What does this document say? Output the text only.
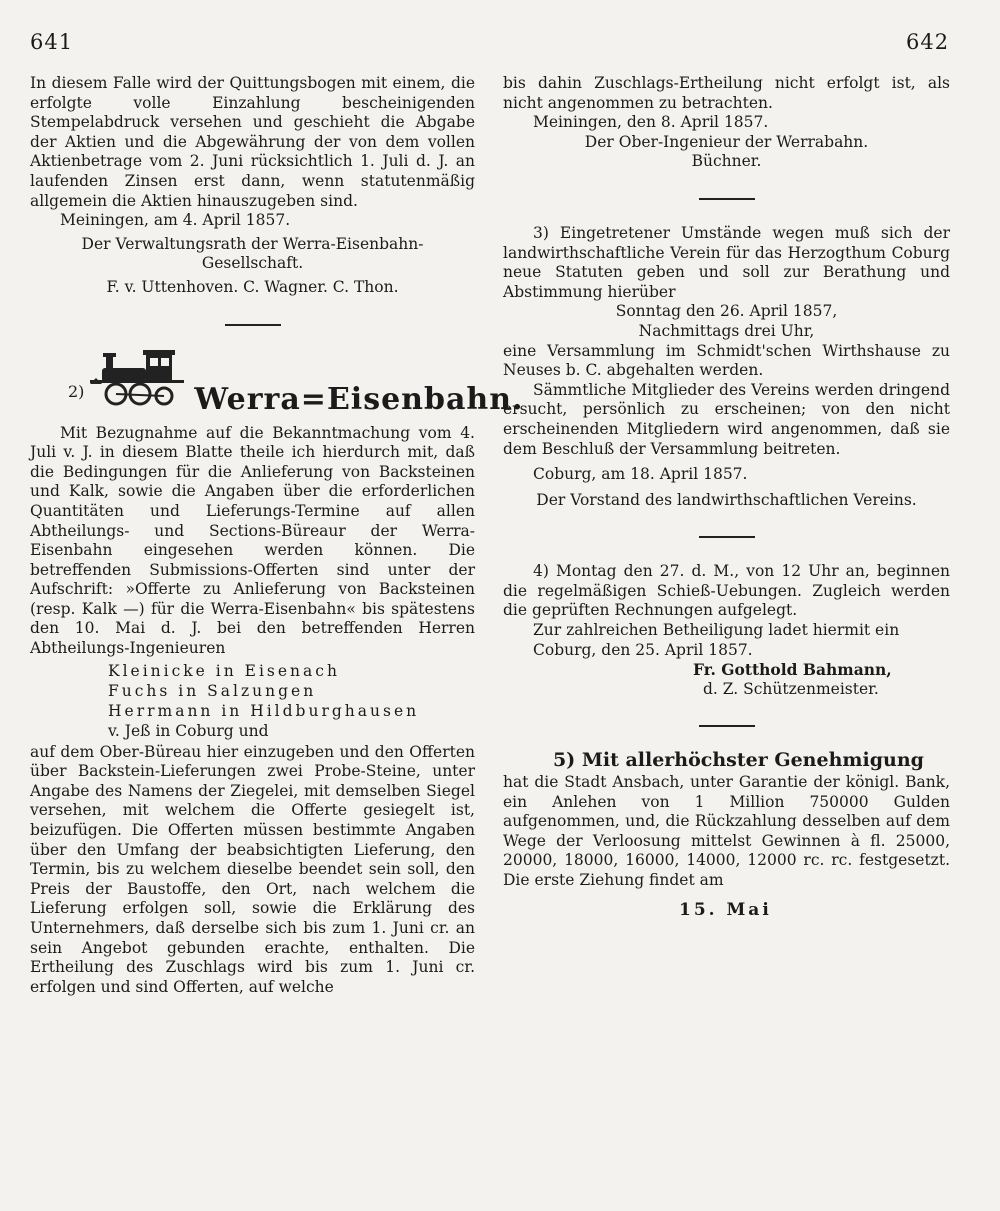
641	642

In diesem Falle wird der Quittungsbogen mit einem, die erfolgte volle Einzahlung bescheinigenden Stempelabdruck versehen und geschieht die Abgabe der Aktien und die Abgewährung der von dem vollen Aktienbetrage vom 2. Juni rücksichtlich 1. Juli d. J. an laufenden Zinsen erst dann, wenn statutenmäßig allgemein die Aktien hinauszugeben sind.

Meiningen, am 4. April 1857.

Der Verwaltungsrath der Werra-Eisenbahn-

Gesellschaft.

F. v. Uttenhoven. C. Wagner. C. Thon.

2)	Werra=Eisenbahn.

Mit Bezugnahme auf die Bekanntmachung vom 4. Juli v. J. in diesem Blatte theile ich hierdurch mit, daß die Bedingungen für die Anlieferung von Backsteinen und Kalk, sowie die Angaben über die erforderlichen Quantitäten und Lieferungs-Termine auf allen Abtheilungs- und Sections-Büreaur der Werra-Eisenbahn eingesehen werden können. Die betreffenden Submissions-Offerten sind unter der Aufschrift: »Offerte zu Anlieferung von Backsteinen (resp. Kalk —) für die Werra-Eisenbahn« bis spätestens den 10. Mai d. J. bei den betreffenden Herren Abtheilungs-Ingenieuren

Kleinicke in Eisenach
Fuchs in Salzungen
Herrmann in Hildburghausen
v. Jeß in Coburg und

auf dem Ober-Büreau hier einzugeben und den Offerten über Backstein-Lieferungen zwei Probe-Steine, unter Angabe des Namens der Ziegelei, mit demselben Siegel versehen, mit welchem die Offerte gesiegelt ist, beizufügen. Die Offerten müssen bestimmte Angaben über den Umfang der beabsichtigten Lieferung, den Termin, bis zu welchem dieselbe beendet sein soll, den Preis der Baustoffe, den Ort, nach welchem die Lieferung erfolgen soll, sowie die Erklärung des Unternehmers, daß derselbe sich bis zum 1. Juni cr. an sein Angebot gebunden erachte, enthalten. Die Ertheilung des Zuschlags wird bis zum 1. Juni cr. erfolgen und sind Offerten, auf welche

bis dahin Zuschlags-Ertheilung nicht erfolgt ist, als nicht angenommen zu betrachten.

Meiningen, den 8. April 1857.

Der Ober-Ingenieur der Werrabahn.

Büchner.

3) Eingetretener Umstände wegen muß sich der landwirthschaftliche Verein für das Herzogthum Coburg neue Statuten geben und soll zur Berathung und Abstimmung hierüber

Sonntag den 26. April 1857,

Nachmittags drei Uhr,

eine Versammlung im Schmidt'schen Wirthshause zu Neuses b. C. abgehalten werden.

Sämmtliche Mitglieder des Vereins werden dringend ersucht, persönlich zu erscheinen; von den nicht erscheinenden Mitgliedern wird angenommen, daß sie dem Beschluß der Versammlung beitreten.

Coburg, am 18. April 1857.

Der Vorstand des landwirthschaftlichen Vereins.

4) Montag den 27. d. M., von 12 Uhr an, beginnen die regelmäßigen Schieß-Uebungen. Zugleich werden die geprüften Rechnungen aufgelegt.

Zur zahlreichen Betheiligung ladet hiermit ein

Coburg, den 25. April 1857.

Fr. Gotthold Bahmann,

d. Z. Schützenmeister.

5) Mit allerhöchster Genehmigung

hat die Stadt Ansbach, unter Garantie der königl. Bank, ein Anlehen von 1 Million 750000 Gulden aufgenommen, und, die Rückzahlung desselben auf dem Wege der Verloosung mittelst Gewinnen à fl. 25000, 20000, 18000, 16000, 14000, 12000 rc. rc. festgesetzt. Die erste Ziehung findet am

15. Mai
